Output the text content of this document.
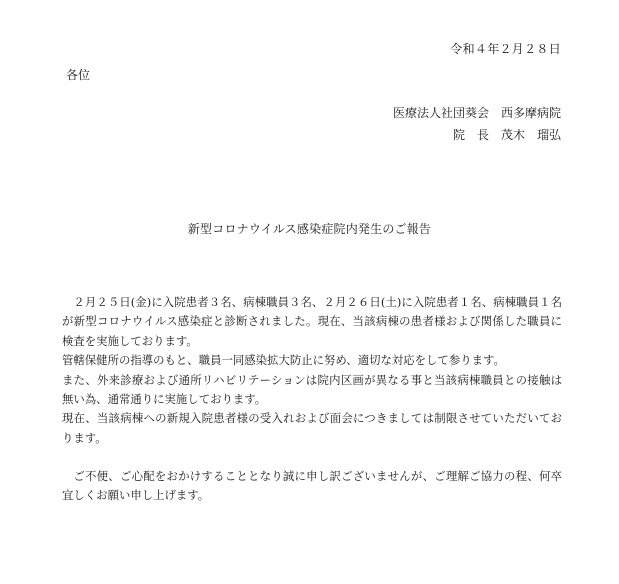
令和４年２月２８日
各位
医療法人社団葵会　西多摩病院
院　長　茂木　瑠弘
新型コロナウイルス感染症院内発生のご報告

２月２５日(金)に入院患者３名、病棟職員３名、２月２６日(土)に入院患者１名、病棟職員１名が新型コロナウイルス感染症と診断されました。現在、当該病棟の患者様および関係した職員に検査を実施しております。

管轄保健所の指導のもと、職員一同感染拡大防止に努め、適切な対応をして参ります。

また、外来診療および通所リハビリテーションは院内区画が異なる事と当該病棟職員との接触は無い為、通常通りに実施しております。

現在、当該病棟への新規入院患者様の受入れおよび面会につきましては制限させていただいております。

ご不便、ご心配をおかけすることとなり誠に申し訳ございませんが、ご理解ご協力の程、何卒宜しくお願い申し上げます。
